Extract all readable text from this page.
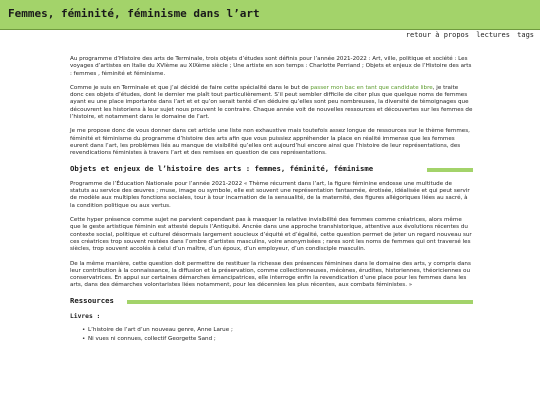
Femmes, féminité, féminisme dans l’art
retour à propos lectures tags

Au programme d’Histoire des arts de Terminale, trois objets d’études sont définis pour l’année 2021-2022 : Art, ville, politique et société : Les voyages d’artistes en Italie du XVIème au XIXème siècle ; Une artiste en son temps : Charlotte Perriand ; Objets et enjeux de l’Histoire des arts : femmes , féminité et féminisme.

Comme je suis en Terminale et que j’ai décidé de faire cette spécialité dans le but de passer mon bac en tant que candidate libre, je traite donc ces objets d’études, dont le dernier me plaît tout particulièrement. S’il peut sembler difficile de citer plus que quelque noms de femmes ayant eu une place importante dans l’art et et qu’on serait tenté d’en déduire qu’elles sont peu nombreuses, la diversité de témoignages que découvrent les historiens à leur sujet nous prouvent le contraire. Chaque année voit de nouvelles ressources et découvertes sur les femmes de l’histoire, et notamment dans le domaine de l’art.

Je me propose donc de vous donner dans cet article une liste non exhaustive mais toutefois assez longue de ressources sur le thème femmes, féminité et féminisme du programme d’histoire des arts afin que vous puissiez appréhender la place en réalité immense que les femmes eurent dans l’art, les problèmes liés au manque de visibilité qu’elles ont aujourd’hui encore ainsi que l’histoire de leur représentations, des revendications féministes à travers l’art et des remises en question de ces représentations.

Objets et enjeux de l’histoire des arts : femmes, féminité, féminisme

Programme de l’Éducation Nationale pour l’année 2021-2022 « Thème récurrent dans l’art, la figure féminine endosse une multitude de statuts au service des œuvres ; muse, image ou symbole, elle est souvent une représentation fantasmée, érotisée, idéalisée et qui peut servir de modèle aux multiples fonctions sociales, tour à tour incarnation de la sensualité, de la maternité, des figures allégoriques liées au sacré, à la condition politique ou aux vertus.

Cette hyper présence comme sujet ne parvient cependant pas à masquer la relative invisibilité des femmes comme créatrices, alors même que le geste artistique féminin est attesté depuis l’Antiquité. Ancrée dans une approche transhistorique, attentive aux évolutions récentes du contexte social, politique et culturel désormais largement soucieux d’équité et d’égalité, cette question permet de jeter un regard nouveau sur ces créatrices trop souvent restées dans l’ombre d’artistes masculins, voire anonymisées ; rares sont les noms de femmes qui ont traversé les siècles, trop souvent accolés à celui d’un maître, d’un époux, d’un employeur, d’un condisciple masculin.

De la même manière, cette question doit permettre de restituer la richesse des présences féminines dans le domaine des arts, y compris dans leur contribution à la connaissance, la diffusion et la préservation, comme collectionneuses, mécènes, érudites, historiennes, théoriciennes ou conservatrices. En appui sur certaines démarches émancipatrices, elle interroge enfin la revendication d’une place pour les femmes dans les arts, dans des démarches volontaristes liées notamment, pour les décennies les plus récentes, aux combats féministes. »

Ressources
Livres :
• L’histoire de l’art d’un nouveau genre, Anne Larue ;
• Ni vues ni connues, collectif Georgette Sand ;
